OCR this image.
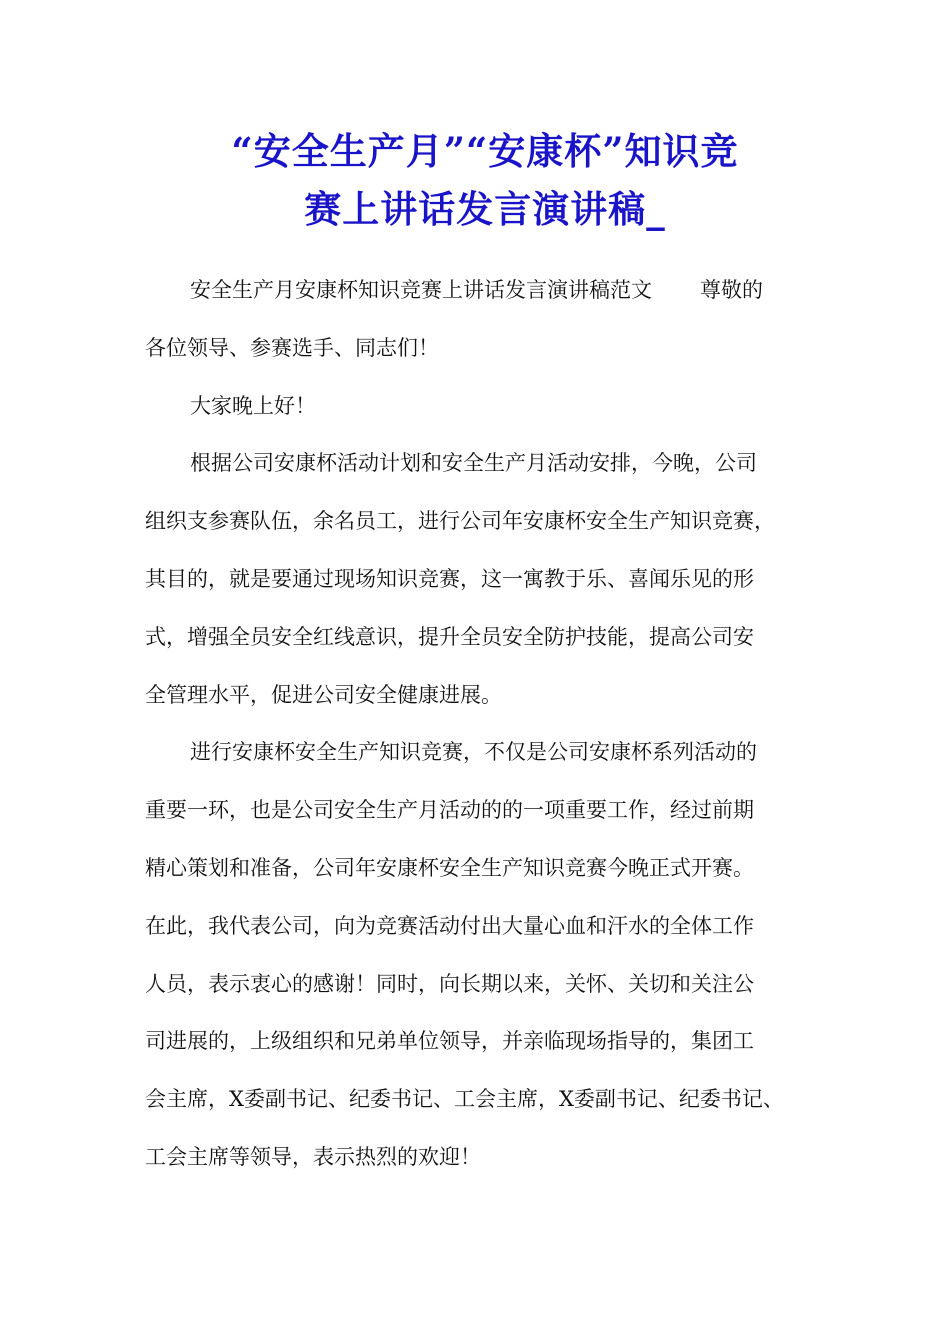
“安全生产月”“安康杯”知识竞
赛上讲话发言演讲稿_
安全生产月安康杯知识竞赛上讲话发言演讲稿范文 尊敬的
各位领导、参赛选手、同志们！
大家晚上好！
根据公司安康杯活动计划和安全生产月活动安排，今晚，公司
组织支参赛队伍，余名员工，进行公司年安康杯安全生产知识竞赛，
其目的，就是要通过现场知识竞赛，这一寓教于乐、喜闻乐见的形
式，增强全员安全红线意识，提升全员安全防护技能，提高公司安
全管理水平，促进公司安全健康进展。
进行安康杯安全生产知识竞赛，不仅是公司安康杯系列活动的
重要一环，也是公司安全生产月活动的的一项重要工作，经过前期
精心策划和准备，公司年安康杯安全生产知识竞赛今晚正式开赛。
在此，我代表公司，向为竞赛活动付出大量心血和汗水的全体工作
人员，表示衷心的感谢！同时，向长期以来，关怀、关切和关注公
司进展的，上级组织和兄弟单位领导，并亲临现场指导的，集团工
会主席，X委副书记、纪委书记、工会主席，X委副书记、纪委书记、
工会主席等领导，表示热烈的欢迎！
